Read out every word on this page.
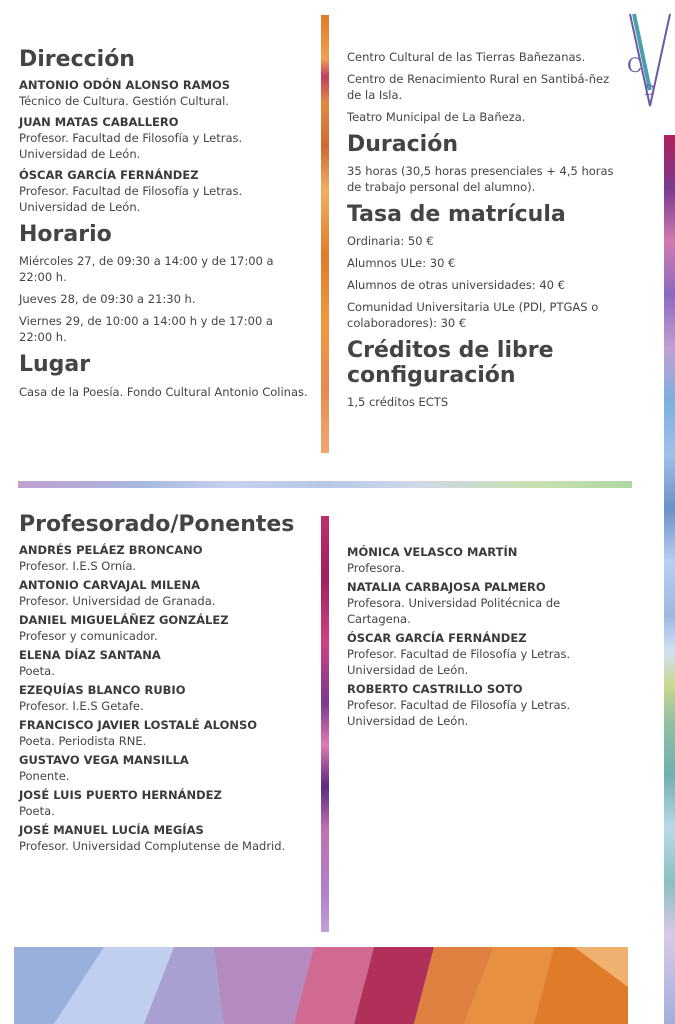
C
D
Dirección
ANTONIO ODÓN ALONSO RAMOS
Técnico de Cultura. Gestión Cultural.
JUAN MATAS CABALLERO
Profesor. Facultad de Filosofía y Letras. Universidad de León.
ÓSCAR GARCÍA FERNÁNDEZ
Profesor. Facultad de Filosofía y Letras. Universidad de León.
Horario
Miércoles 27, de 09:30 a 14:00 y de 17:00 a 22:00 h.
Jueves 28, de 09:30 a 21:30 h.
Viernes 29, de 10:00 a 14:00 h y de 17:00 a 22:00 h.
Lugar
Casa de la Poesía. Fondo Cultural Antonio Colinas.
Centro Cultural de las Tierras Bañezanas.
Centro de Renacimiento Rural en Santibá-ñez de la Isla.
Teatro Municipal de La Bañeza.
Duración
35 horas (30,5 horas presenciales + 4,5 horas de trabajo personal del alumno).
Tasa de matrícula
Ordinaria: 50 €
Alumnos ULe: 30 €
Alumnos de otras universidades: 40 €
Comunidad Universitaria ULe (PDI, PTGAS o colaboradores): 30 €
Créditos de libre configuración
1,5 créditos ECTS
Profesorado/Ponentes
ANDRÉS PELÁEZ BRONCANO
Profesor. I.E.S Ornía.
ANTONIO CARVAJAL MILENA
Profesor. Universidad de Granada.
DANIEL MIGUELÁÑEZ GONZÁLEZ
Profesor y comunicador.
ELENA DÍAZ SANTANA
Poeta.
EZEQUÍAS BLANCO RUBIO
Profesor. I.E.S Getafe.
FRANCISCO JAVIER LOSTALÉ ALONSO
Poeta. Periodista RNE.
GUSTAVO VEGA MANSILLA
Ponente.
JOSÉ LUIS PUERTO HERNÁNDEZ
Poeta.
JOSÉ MANUEL LUCÍA MEGÍAS
Profesor. Universidad Complutense de Madrid.
MÓNICA VELASCO MARTÍN
Profesora.
NATALIA CARBAJOSA PALMERO
Profesora. Universidad Politécnica de Cartagena.
ÓSCAR GARCÍA FERNÁNDEZ
Profesor. Facultad de Filosofía y Letras. Universidad de León.
ROBERTO CASTRILLO SOTO
Profesor. Facultad de Filosofía y Letras. Universidad de León.
